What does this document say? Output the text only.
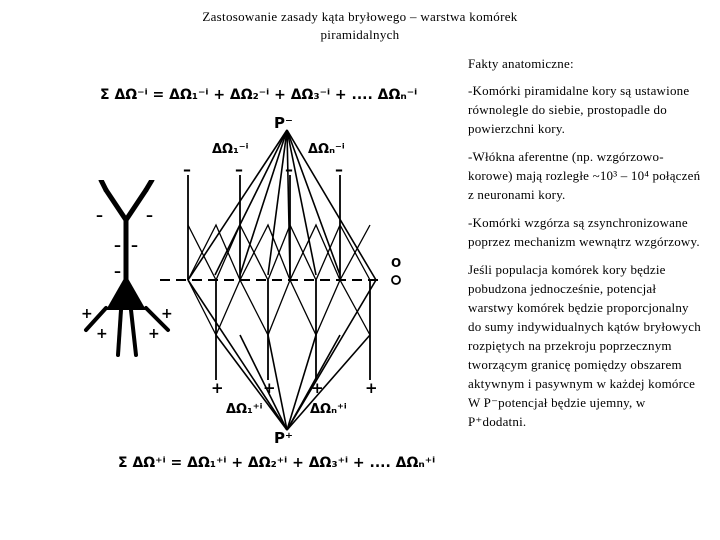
Zastosowanie zasady kąta bryłowego – warstwa komórek
piramidalnych

Fakty anatomiczne:

-Komórki piramidalne kory są ustawione równolegle do siebie, prostopadle do powierzchni kory.

-Włókna aferentne (np. wzgórzowo-korowe) mają rozległe ~10³ – 10⁴ połączeń z neuronami kory.

-Komórki wzgórza są zsynchronizowane poprzez mechanizm wewnątrz wzgórzowy.

Jeśli populacja komórek kory będzie pobudzona jednocześnie, potencjał warstwy komórek będzie proporcjonalny do sumy indywidualnych kątów bryłowych rozpiętych na przekroju poprzecznym tworzącym granicę pomiędzy obszarem aktywnym i pasywnym w każdej komórce W P⁻potencjał będzie ujemny, w P⁺dodatni.

Σ ΔΩ⁻ⁱ = ΔΩ₁⁻ⁱ + ΔΩ₂⁻ⁱ + ΔΩ₃⁻ⁱ + .... ΔΩₙ⁻ⁱ
P⁻
ΔΩ₁⁻ⁱ	ΔΩₙ⁻ⁱ
–	–	–	–
+	+ +	+
O
ΔΩ₁⁺ⁱ	ΔΩₙ⁺ⁱ
P⁺
Σ ΔΩ⁺ⁱ = ΔΩ₁⁺ⁱ + ΔΩ₂⁺ⁱ + ΔΩ₃⁺ⁱ + .... ΔΩₙ⁺ⁱ
–	–
– –
–
+	+
+	+
